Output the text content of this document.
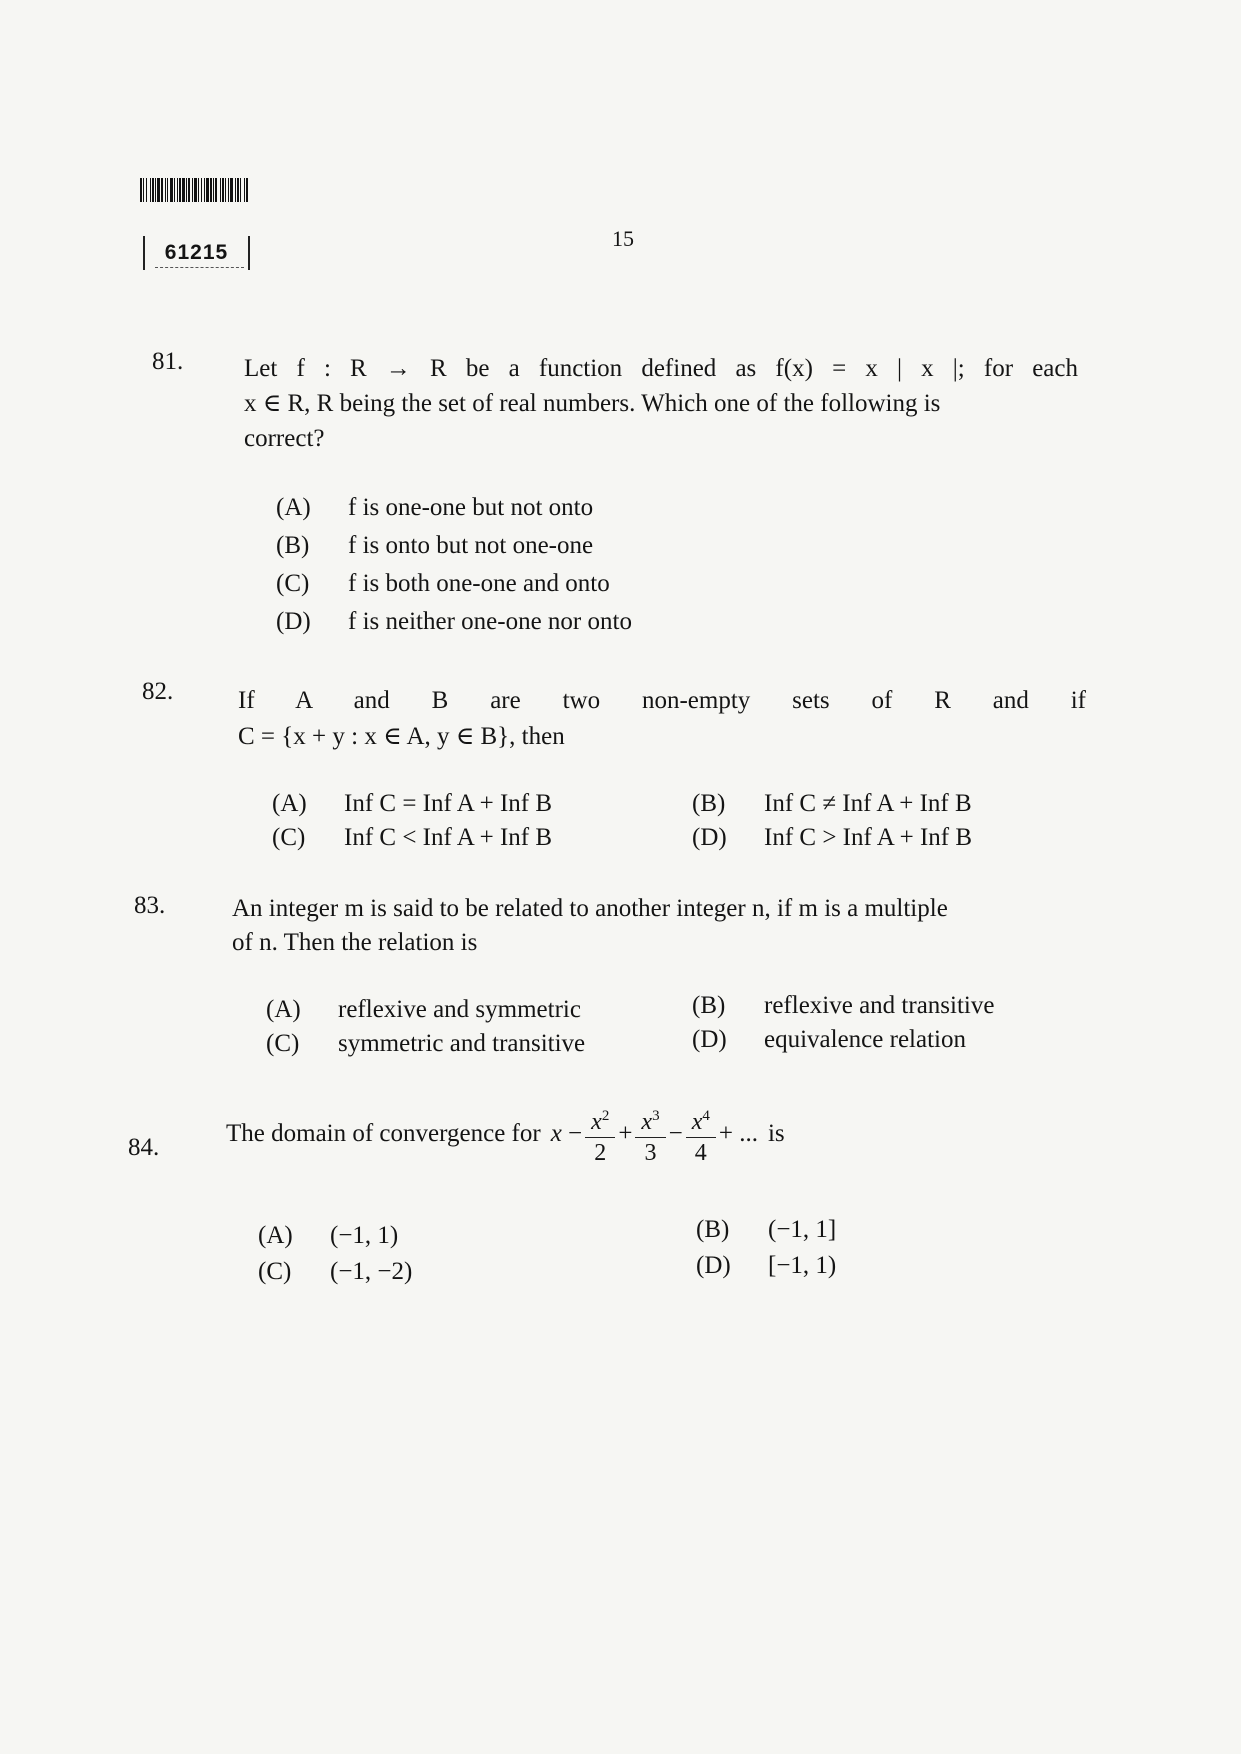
61215
15
81. Let f : R → R be a function defined as f(x) = x | x |; for each
x ∈ R, R being the set of real numbers. Which one of the following is
correct?
(A) f is one-one but not onto
(B) f is onto but not one-one
(C) f is both one-one and onto
(D) f is neither one-one nor onto
82.	If A and B are two non-empty sets of R and if
C = {x + y : x ∈ A, y ∈ B}, then
(A) Inf C = Inf A + Inf B	(B) Inf C ≠ Inf A + Inf B
(C) Inf C < Inf A + Inf B	(D) Inf C > Inf A + Inf B
83.	An integer m is said to be related to another integer n, if m is a multiple
of n. Then the relation is
(A) reflexive and symmetric	(B) reflexive and transitive
(C) symmetric and transitive	(D) equivalence relation
84.
The domain of convergence for $x - \frac{x^2}{2} + \frac{x^3}{3} - \frac{x^4}{4}$ + ... is
(A) (−1, 1)	(B) (−1, 1]
(C) (−1, −2)	(D) [−1, 1)
